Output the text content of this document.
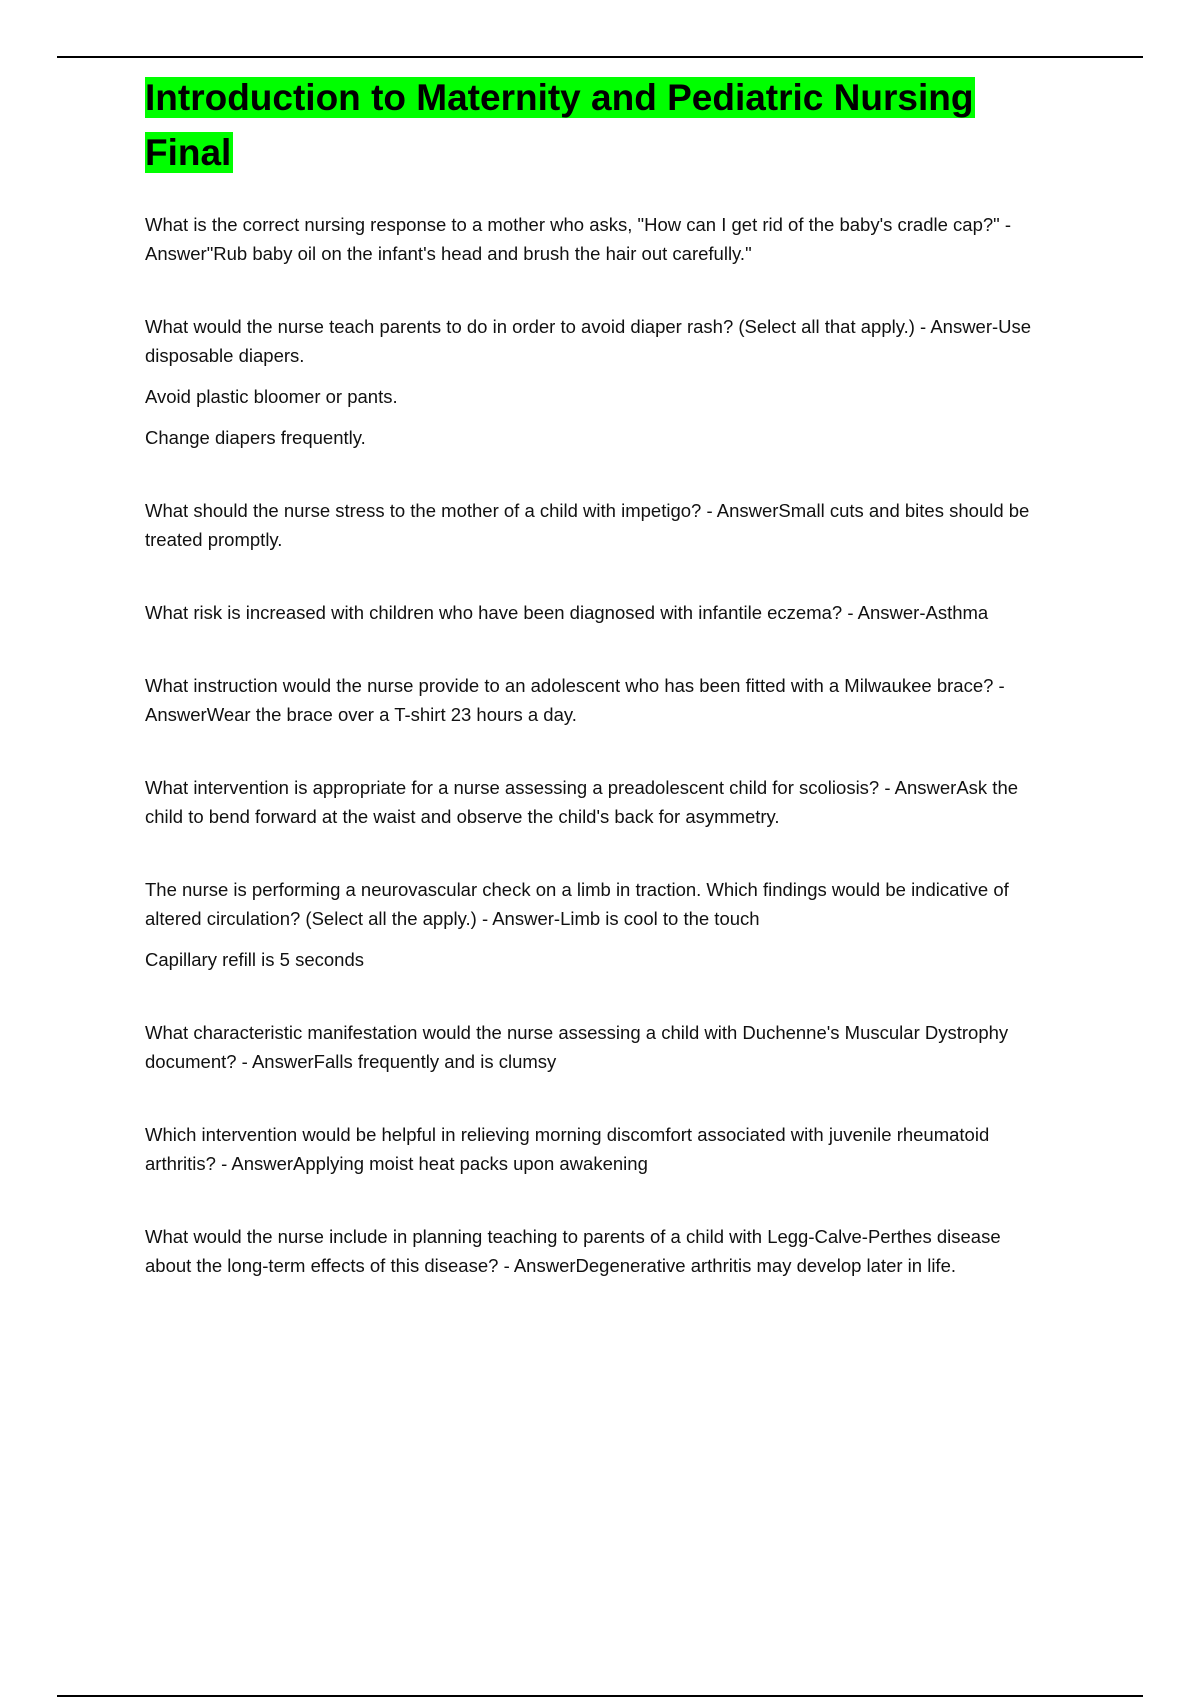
Introduction to Maternity and Pediatric Nursing Final

What is the correct nursing response to a mother who asks, "How can I get rid of the baby's cradle cap?" - Answer"Rub baby oil on the infant's head and brush the hair out carefully."

What would the nurse teach parents to do in order to avoid diaper rash? (Select all that apply.) - Answer-Use disposable diapers.

Avoid plastic bloomer or pants.

Change diapers frequently.

What should the nurse stress to the mother of a child with impetigo? - AnswerSmall cuts and bites should be treated promptly.

What risk is increased with children who have been diagnosed with infantile eczema? - Answer-Asthma

What instruction would the nurse provide to an adolescent who has been fitted with a Milwaukee brace? - AnswerWear the brace over a T-shirt 23 hours a day.

What intervention is appropriate for a nurse assessing a preadolescent child for scoliosis? - AnswerAsk the child to bend forward at the waist and observe the child's back for asymmetry.

The nurse is performing a neurovascular check on a limb in traction. Which findings would be indicative of altered circulation? (Select all the apply.) - Answer-Limb is cool to the touch

Capillary refill is 5 seconds

What characteristic manifestation would the nurse assessing a child with Duchenne's Muscular Dystrophy document? - AnswerFalls frequently and is clumsy

Which intervention would be helpful in relieving morning discomfort associated with juvenile rheumatoid arthritis? - AnswerApplying moist heat packs upon awakening

What would the nurse include in planning teaching to parents of a child with Legg-Calve-Perthes disease about the long-term effects of this disease? - AnswerDegenerative arthritis may develop later in life.
